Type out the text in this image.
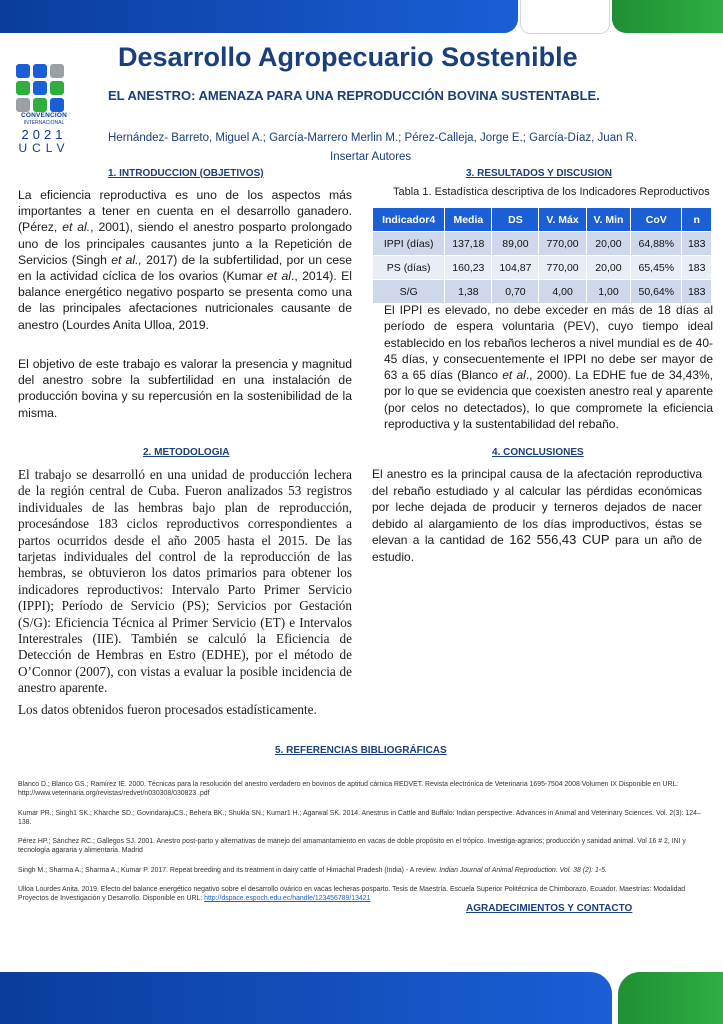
CONVENCION
INTERNACIONAL
2021
UCLV
Desarrollo Agropecuario Sostenible
EL ANESTRO: AMENAZA PARA UNA REPRODUCCIÓN BOVINA SUSTENTABLE.
Hernández- Barreto, Miguel A.; García-Marrero Merlin M.; Pérez-Calleja, Jorge E.; García-Díaz, Juan R.
Insertar Autores
1. INTRODUCCION (OBJETIVOS)
La eficiencia reproductiva es uno de los aspectos más importantes a tener en cuenta en el desarrollo ganadero. (Pérez, et al., 2001), siendo el anestro posparto prolongado uno de los principales causantes junto a la Repetición de Servicios (Singh et al., 2017) de la subfertilidad, por un cese en la actividad cíclica de los ovarios (Kumar et al., 2014). El balance energético negativo posparto se presenta como una de las principales afectaciones nutricionales causante de anestro (Lourdes Anita Ulloa, 2019.
El objetivo de este trabajo es valorar la presencia y magnitud del anestro sobre la subfertilidad en una instalación de producción bovina y su repercusión en la sostenibilidad de la misma.
2. METODOLOGIA
El trabajo se desarrolló en una unidad de producción lechera de la región central de Cuba. Fueron analizados 53 registros individuales de las hembras bajo plan de reproducción, procesándose 183 ciclos reproductivos correspondientes a partos ocurridos desde el año 2005 hasta el 2015. De las tarjetas individuales del control de la reproducción de las hembras, se obtuvieron los datos primarios para obtener los indicadores reproductivos: Intervalo Parto Primer Servicio (IPPI); Período de Servicio (PS); Servicios por Gestación (S/G): Eficiencia Técnica al Primer Servicio (ET) e Intervalos Interestrales (IIE). También se calculó la Eficiencia de Detección de Hembras en Estro (EDHE), por el método de O’Connor (2007), con vistas a evaluar la posible incidencia de anestro aparente.
Los datos obtenidos fueron procesados estadísticamente.
3. RESULTADOS Y DISCUSION
Tabla 1. Estadística descriptiva de los Indicadores Reproductivos
Indicador4	Media	DS	V. Máx	V. Min	CoV	n
IPPI (días)	137,18	89,00	770,00	20,00	64,88%	183
PS (días)	160,23	104,87	770,00	20,00	65,45%	183
S/G	1,38	0,70	4,00	1,00	50,64%	183
El IPPI es elevado, no debe exceder en más de 18 días al período de espera voluntaria (PEV), cuyo tiempo ideal establecido en los rebaños lecheros a nivel mundial es de 40-45 días, y consecuentemente el IPPI no debe ser mayor de 63 a 65 días (Blanco et al., 2000). La EDHE fue de 34,43%, por lo que se evidencia que coexisten anestro real y aparente (por celos no detectados), lo que compromete la eficiencia reproductiva y la sustentabilidad del rebaño.
4. CONCLUSIONES
El anestro es la principal causa de la afectación reproductiva del rebaño estudiado y al calcular las pérdidas económicas por leche dejada de producir y terneros dejados de nacer debido al alargamiento de los días improductivos, éstas se elevan a la cantidad de 162 556,43 CUP para un año de estudio.
5. REFERENCIAS BIBLIOGRÁFICAS

Blanco D.; Blanco GS.; Ramírez IE. 2000. Técnicas para la resolución del anestro verdadero en bovinos de aptitud cárnica REDVET. Revista electrónica de Veterinaria 1695-7504 2008 Volumen IX Disponible en URL: http://www.veterinaria.org/revistas/redvet/n030308/030823 .pdf

Kumar PR.; Singh1 SK.; Kharche SD.; GovindarajuCS.; Behera BK.; Shukla SN.; Kumar1 H.; Agarwal SK. 2014. Anestrus in Cattle and Buffalo: Indian perspective. Advances in Animal and Veterinary Sciences. Vol. 2(3): 124–138.

Pérez HP.; Sánchez RC.; Gallegos SJ. 2001. Anestro post-parto y alternativas de manejo del amamantamiento en vacas de doble propósito en el trópico. Investiga-agrarios; producción y sanidad animal. Vol 16 # 2, INI y tecnología agararia y alimentaria. Madrid

Singh M.; Sharma A.; Sharma A.; Kumar P. 2017. Repeat breeding and its treatment in dairy cattle of Himachal Pradesh (India) - A review. Indian Journal of Animal Reproduction. Vol. 38 (2): 1-5.

Ulloa Lourdes Anita. 2019. Efecto del balance energético negativo sobre el desarrollo ovárico en vacas lecheras posparto. Tesis de Maestría. Escuela Superior Politécnica de Chimborazo, Ecuador. Maestrías: Modalidad Proyectos de Investigación y Desarrollo. Disponible en URL: http://dspace.espoch.edu.ec/handle/123456789/13421

AGRADECIMIENTOS Y CONTACTO
